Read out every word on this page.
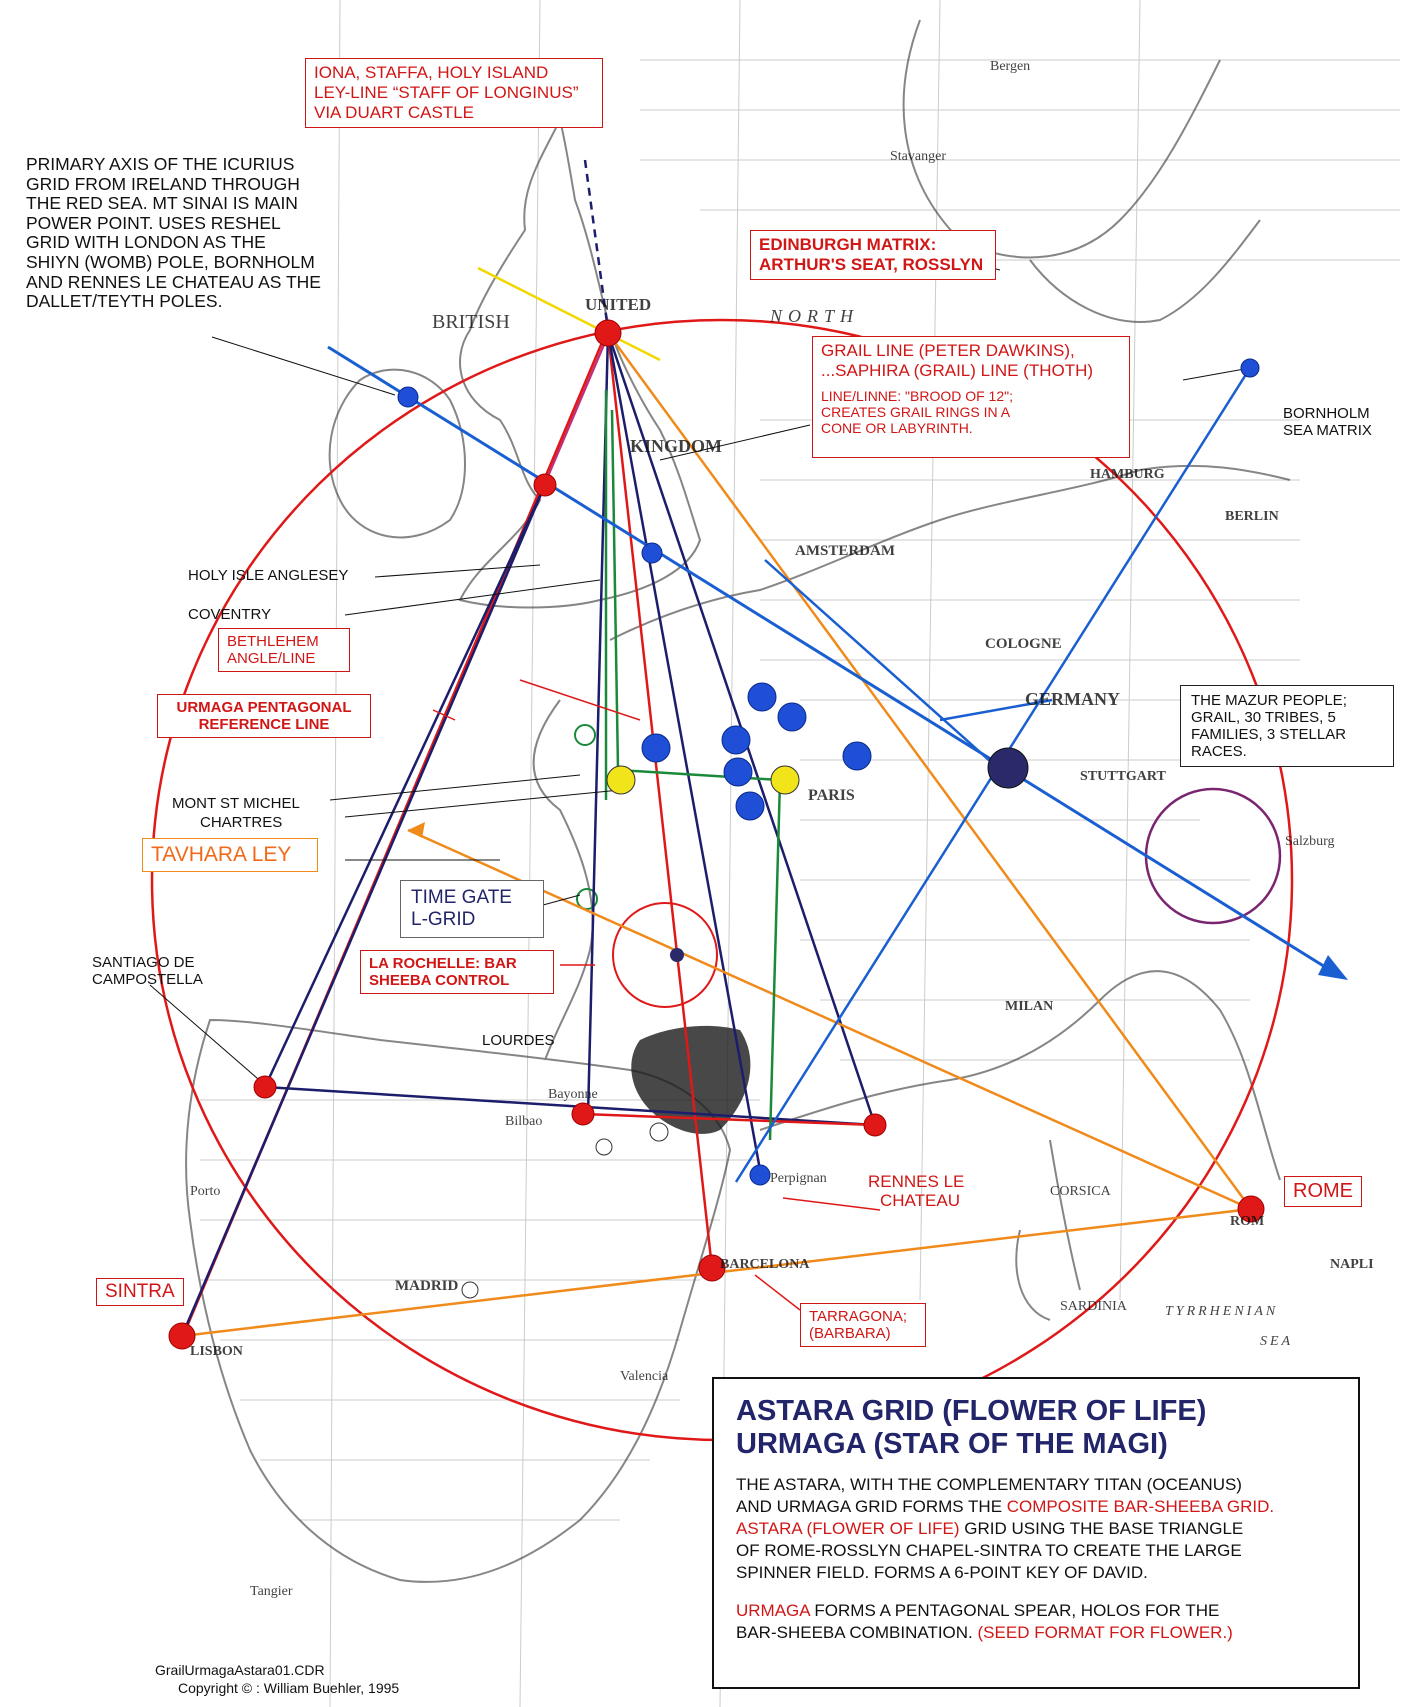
Bergen
NORTH
BRITISH
UNITED
KINGDOM
AMSTERDAM
PARIS
GERMANY
COLOGNE
MADRID
LISBON
BARCELONA
Perpignan
MILAN
CORSICA
SARDINIA
NAPLI
TYRRHENIAN
SEA
Bilbao
Bayonne
Valencia
Porto
Stavanger
HAMBURG
BERLIN
STUTTGART
Salzburg
ROM
Tangier
IONA, STAFFA, HOLY ISLAND
LEY-LINE “STAFF OF LONGINUS”
VIA DUART CASTLE
PRIMARY AXIS OF THE ICURIUS
GRID FROM IRELAND THROUGH
THE RED SEA. MT SINAI IS MAIN
POWER POINT. USES RESHEL
GRID WITH LONDON AS THE
SHIYN (WOMB) POLE, BORNHOLM
AND RENNES LE CHATEAU AS THE
DALLET/TEYTH POLES.
EDINBURGH MATRIX:
ARTHUR'S SEAT, ROSSLYN
GRAIL LINE (PETER DAWKINS),
...SAPHIRA (GRAIL) LINE (THOTH)
LINE/LINNE: "BROOD OF 12";
CREATES GRAIL RINGS IN A
CONE OR LABYRINTH.
BORNHOLM
SEA MATRIX
HOLY ISLE ANGLESEY
COVENTRY
BETHLEHEM
ANGLE/LINE
URMAGA PENTAGONAL
REFERENCE LINE
THE MAZUR PEOPLE;
GRAIL, 30 TRIBES, 5
FAMILIES, 3 STELLAR
RACES.
MONT ST MICHEL
CHARTRES
TAVHARA LEY
TIME GATE
L-GRID
SANTIAGO DE
CAMPOSTELLA
LA ROCHELLE: BAR
SHEEBA CONTROL
LOURDES
RENNES LE
CHATEAU	ROME
SINTRA
TARRAGONA;
(BARBARA)
ASTARA GRID (FLOWER OF LIFE)
URMAGA (STAR OF THE MAGI)
THE ASTARA, WITH THE COMPLEMENTARY TITAN (OCEANUS)
AND URMAGA GRID FORMS THE COMPOSITE BAR-SHEEBA GRID.
ASTARA (FLOWER OF LIFE) GRID USING THE BASE TRIANGLE
OF ROME-ROSSLYN CHAPEL-SINTRA TO CREATE THE LARGE
SPINNER FIELD. FORMS A 6-POINT KEY OF DAVID.
URMAGA FORMS A PENTAGONAL SPEAR, HOLOS FOR THE
BAR-SHEEBA COMBINATION. (SEED FORMAT FOR FLOWER.)
GrailUrmagaAstara01.CDR
Copyright © : William Buehler, 1995
